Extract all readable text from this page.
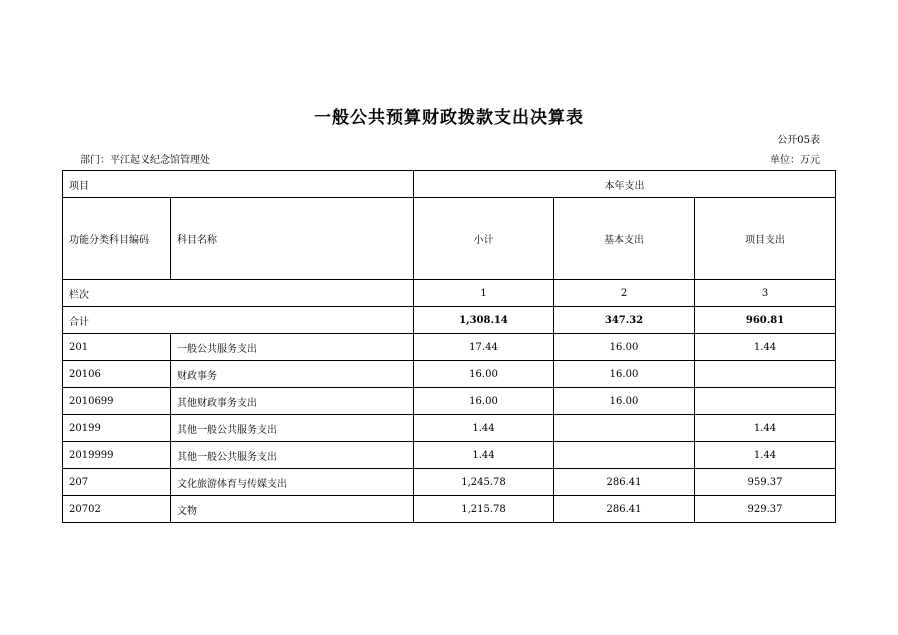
一般公共预算财政拨款支出决算表
公开05表
部门：平江起义纪念馆管理处	单位：万元
项目		本年支出		
功能分类科目编码	科目名称	小计	基本支出	项目支出
栏次		1	2	3
合计		1,308.14	347.32	960.81
201	一般公共服务支出	17.44	16.00	1.44
20106	财政事务	16.00	16.00	
2010699	其他财政事务支出	16.00	16.00	
20199	其他一般公共服务支出	1.44		1.44
2019999	其他一般公共服务支出	1.44		1.44
207	文化旅游体育与传媒支出	1,245.78	286.41	959.37
20702	文物	1,215.78	286.41	929.37
